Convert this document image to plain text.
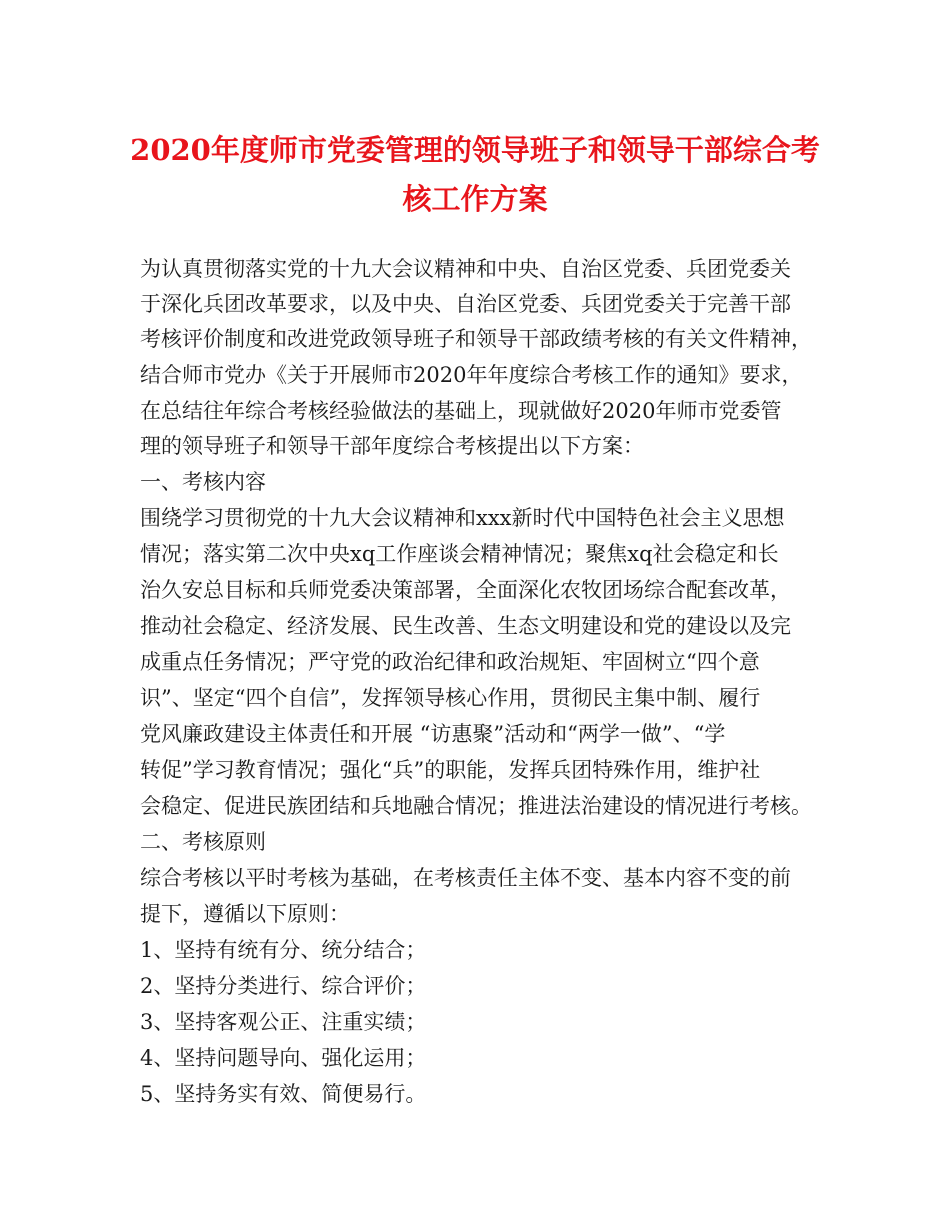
2020年度师市党委管理的领导班子和领导干部综合考
核工作方案

为认真贯彻落实党的十九大会议精神和中央、自治区党委、兵团党委关

于深化兵团改革要求，以及中央、自治区党委、兵团党委关于完善干部

考核评价制度和改进党政领导班子和领导干部政绩考核的有关文件精神，

结合师市党办《关于开展师市2020年年度综合考核工作的通知》要求，

在总结往年综合考核经验做法的基础上，现就做好2020年师市党委管

理的领导班子和领导干部年度综合考核提出以下方案：

一、考核内容

围绕学习贯彻党的十九大会议精神和xxx新时代中国特色社会主义思想

情况；落实第二次中央xq工作座谈会精神情况；聚焦xq社会稳定和长

治久安总目标和兵师党委决策部署，全面深化农牧团场综合配套改革，

推动社会稳定、经济发展、民生改善、生态文明建设和党的建设以及完

成重点任务情况；严守党的政治纪律和政治规矩、牢固树立“四个意

识”、坚定“四个自信”，发挥领导核心作用，贯彻民主集中制、履行

党风廉政建设主体责任和开展 “访惠聚”活动和“两学一做”、“学

转促”学习教育情况；强化“兵”的职能，发挥兵团特殊作用，维护社

会稳定、促进民族团结和兵地融合情况；推进法治建设的情况进行考核。

二、考核原则

综合考核以平时考核为基础，在考核责任主体不变、基本内容不变的前

提下，遵循以下原则：

1、坚持有统有分、统分结合；

2、坚持分类进行、综合评价；

3、坚持客观公正、注重实绩；

4、坚持问题导向、强化运用；

5、坚持务实有效、简便易行。
